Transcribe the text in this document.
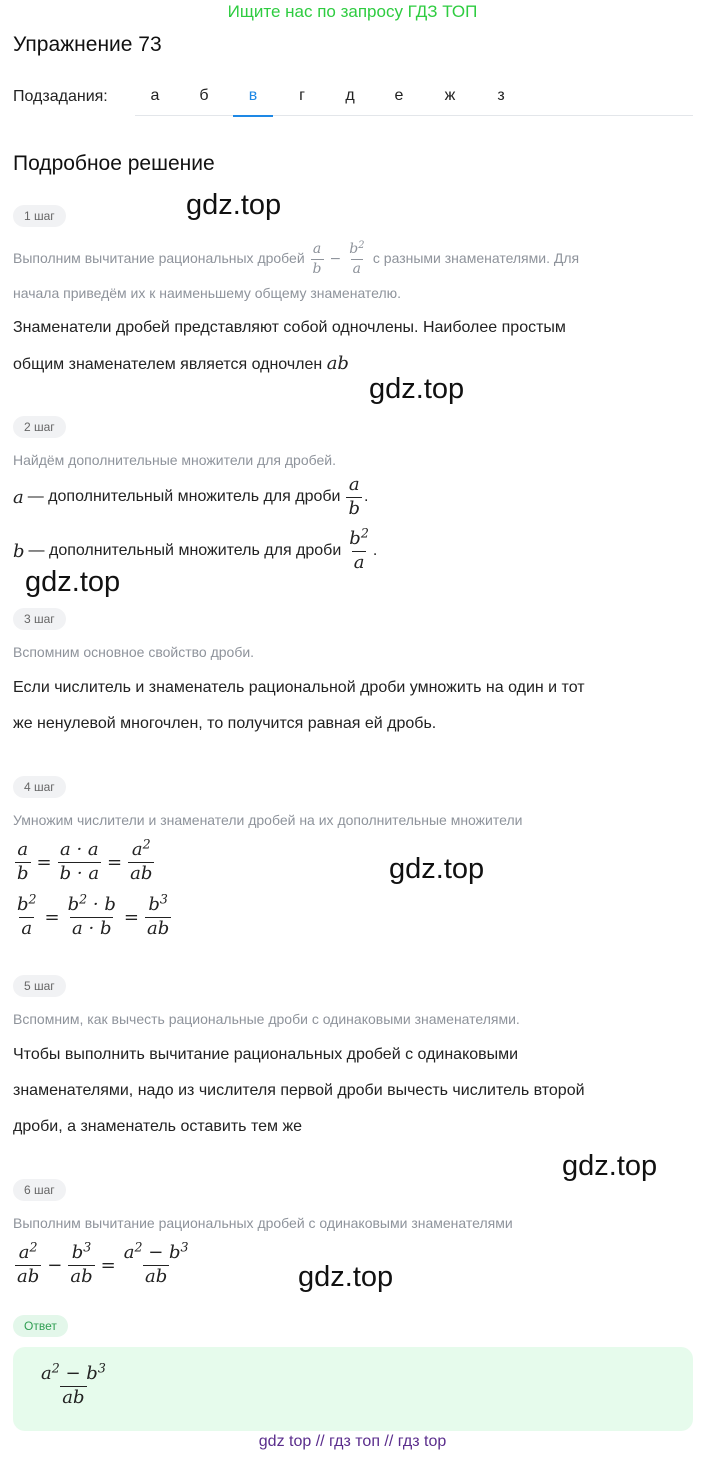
Ищите нас по запросу ГДЗ ТОП
Упражнение 73
Подзадания:	а	б	в	г	д	е	ж	з
Подробное решение
1 шаг
Выполним вычитание рациональных дробей $\frac{a}{b} - \frac{b^2}{a}$ с разными знаменателями. Для
начала приведём их к наименьшему общему знаменателю.
Знаменатели дробей представляют собой одночлены. Наиболее простым
общим знаменателем является одночлен ab
2 шаг
Найдём дополнительные множители для дробей.
a — дополнительный множитель для дроби $\frac{a}{b}$ .
b — дополнительный множитель для дроби $\frac{b^2}{a}$ .
3 шаг
Вспомним основное свойство дроби.
Если числитель и знаменатель рациональной дроби умножить на один и тот
же ненулевой многочлен, то получится равная ей дробь.
4 шаг
Умножим числители и знаменатели дробей на их дополнительные множители
$\frac{a}{b} = \frac{a \cdot a}{b \cdot a} = \frac{a^2}{ab}$
$\frac{b^2}{a} = \frac{b^2 \cdot b}{a \cdot b} = \frac{b^3}{ab}$
5 шаг
Вспомним, как вычесть рациональные дроби с одинаковыми знаменателями.
Чтобы выполнить вычитание рациональных дробей с одинаковыми
знаменателями, надо из числителя первой дроби вычесть числитель второй
дроби, а знаменатель оставить тем же
6 шаг
Выполним вычитание рациональных дробей с одинаковыми знаменателями
$\frac{a^2}{ab} - \frac{b^3}{ab} = \frac{a^2 - b^3}{ab}$
Ответ
$\frac{a^2 - b^3}{ab}$
gdz.top
gdz.top
gdz.top
gdz.top
gdz.top
gdz.top
gdz top // гдз топ // гдз top
